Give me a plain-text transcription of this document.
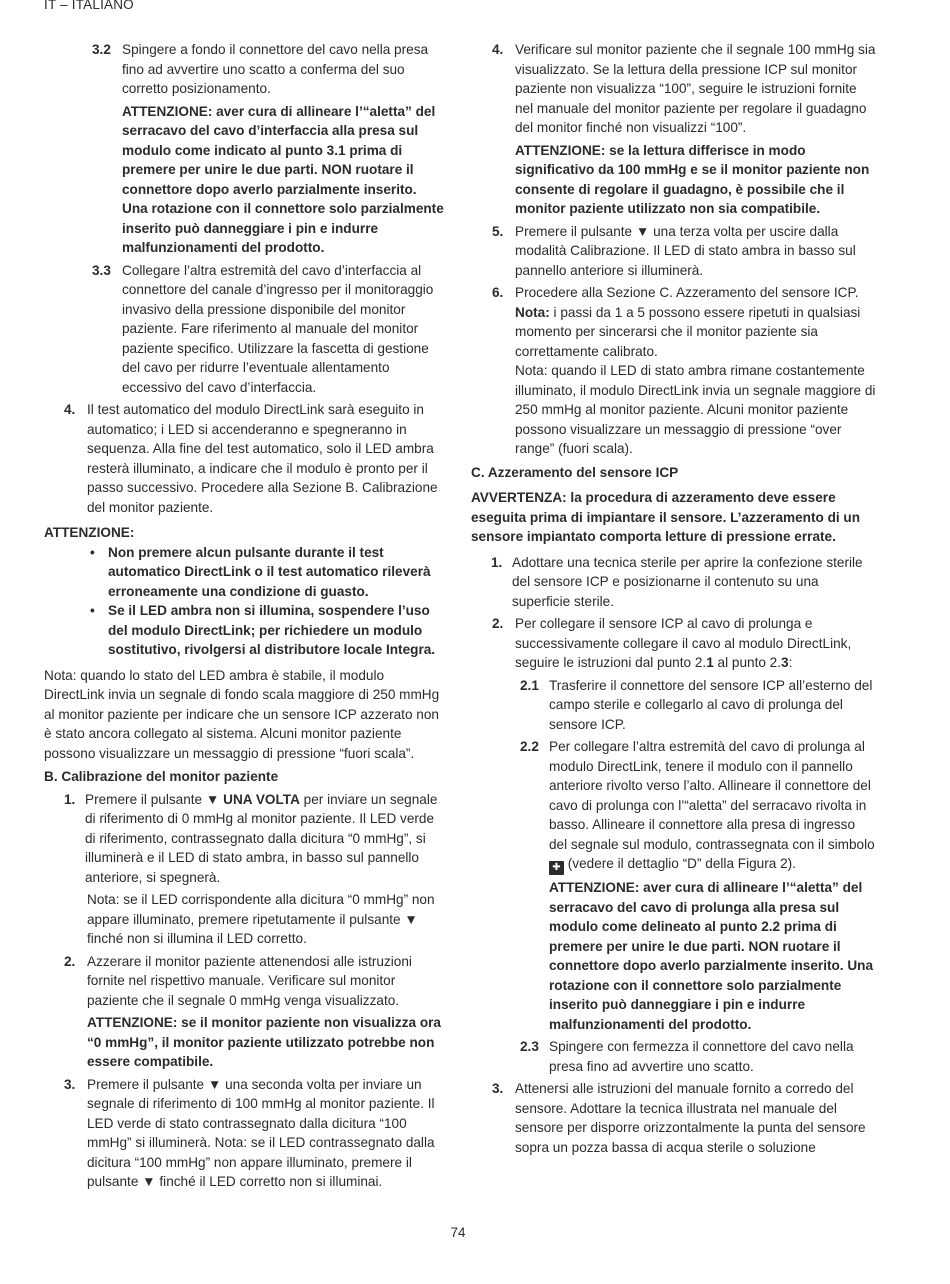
IT – ITALIANO
3.2 Spingere a fondo il connettore del cavo nella presa fino ad avvertire uno scatto a conferma del suo corretto posizionamento.

ATTENZIONE: aver cura di allineare l’“aletta” del serracavo del cavo d’interfaccia alla presa sul modulo come indicato al punto 3.1 prima di premere per unire le due parti. NON ruotare il connettore dopo averlo parzialmente inserito. Una rotazione con il connettore solo parzialmente inserito può danneggiare i pin e indurre malfunzionamenti del prodotto.

3.3 Collegare l’altra estremità del cavo d’interfaccia al connettore del canale d’ingresso per il monitoraggio invasivo della pressione disponibile del monitor paziente. Fare riferimento al manuale del monitor paziente specifico. Utilizzare la fascetta di gestione del cavo per ridurre l’eventuale allentamento eccessivo del cavo d’interfaccia.

4. Il test automatico del modulo DirectLink sarà eseguito in automatico; i LED si accenderanno e spegneranno in sequenza. Alla fine del test automatico, solo il LED ambra resterà illuminato, a indicare che il modulo è pronto per il passo successivo. Procedere alla Sezione B. Calibrazione del monitor paziente.

ATTENZIONE:

• Non premere alcun pulsante durante il test automatico DirectLink o il test automatico rileverà erroneamente una condizione di guasto.

• Se il LED ambra non si illumina, sospendere l’uso del modulo DirectLink; per richiedere un modulo sostitutivo, rivolgersi al distributore locale Integra.

Nota: quando lo stato del LED ambra è stabile, il modulo DirectLink invia un segnale di fondo scala maggiore di 250 mmHg al monitor paziente per indicare che un sensore ICP azzerato non è stato ancora collegato al sistema. Alcuni monitor paziente possono visualizzare un messaggio di pressione “fuori scala”.

B. Calibrazione del monitor paziente

1. Premere il pulsante ▼ UNA VOLTA per inviare un segnale di riferimento di 0 mmHg al monitor paziente. Il LED verde di riferimento, contrassegnato dalla dicitura “0 mmHg”, si illuminerà e il LED di stato ambra, in basso sul pannello anteriore, si spegnerà.

Nota: se il LED corrispondente alla dicitura “0 mmHg” non appare illuminato, premere ripetutamente il pulsante ▼ finché non si illumina il LED corretto.

2. Azzerare il monitor paziente attenendosi alle istruzioni fornite nel rispettivo manuale. Verificare sul monitor paziente che il segnale 0 mmHg venga visualizzato.

ATTENZIONE: se il monitor paziente non visualizza ora “0 mmHg”, il monitor paziente utilizzato potrebbe non essere compatibile.

3. Premere il pulsante ▼ una seconda volta per inviare un segnale di riferimento di 100 mmHg al monitor paziente. Il LED verde di stato contrassegnato dalla dicitura “100 mmHg” si illuminerà. Nota: se il LED contrassegnato dalla dicitura “100 mmHg” non appare illuminato, premere il pulsante ▼ finché il LED corretto non si illuminai.

4. Verificare sul monitor paziente che il segnale 100 mmHg sia visualizzato. Se la lettura della pressione ICP sul monitor paziente non visualizza “100”, seguire le istruzioni fornite nel manuale del monitor paziente per regolare il guadagno del monitor finché non visualizzi “100”.

ATTENZIONE: se la lettura differisce in modo significativo da 100 mmHg e se il monitor paziente non consente di regolare il guadagno, è possibile che il monitor paziente utilizzato non sia compatibile.

5. Premere il pulsante ▼ una terza volta per uscire dalla modalità Calibrazione. Il LED di stato ambra in basso sul pannello anteriore si illuminerà.

6. Procedere alla Sezione C. Azzeramento del sensore ICP.

Nota: i passi da 1 a 5 possono essere ripetuti in qualsiasi momento per sincerarsi che il monitor paziente sia correttamente calibrato.

Nota: quando il LED di stato ambra rimane costantemente illuminato, il modulo DirectLink invia un segnale maggiore di 250 mmHg al monitor paziente. Alcuni monitor paziente possono visualizzare un messaggio di pressione “over range” (fuori scala).

C. Azzeramento del sensore ICP

AVVERTENZA: la procedura di azzeramento deve essere eseguita prima di impiantare il sensore. L’azzeramento di un sensore impiantato comporta letture di pressione errate.

1. Adottare una tecnica sterile per aprire la confezione sterile del sensore ICP e posizionarne il contenuto su una superficie sterile.

2. Per collegare il sensore ICP al cavo di prolunga e successivamente collegare il cavo al modulo DirectLink, seguire le istruzioni dal punto 2.1 al punto 2.3:

2.1 Trasferire il connettore del sensore ICP all’esterno del campo sterile e collegarlo al cavo di prolunga del sensore ICP.

2.2 Per collegare l’altra estremità del cavo di prolunga al modulo DirectLink, tenere il modulo con il pannello anteriore rivolto verso l’alto. Allineare il connettore del cavo di prolunga con l’“aletta” del serracavo rivolta in basso. Allineare il connettore alla presa di ingresso del segnale sul modulo, contrassegnata con il simbolo ✚ (vedere il dettaglio “D” della Figura 2).

ATTENZIONE: aver cura di allineare l’“aletta” del serracavo del cavo di prolunga alla presa sul modulo come delineato al punto 2.2 prima di premere per unire le due parti. NON ruotare il connettore dopo averlo parzialmente inserito. Una rotazione con il connettore solo parzialmente inserito può danneggiare i pin e indurre malfunzionamenti del prodotto.

2.3 Spingere con fermezza il connettore del cavo nella presa fino ad avvertire uno scatto.

3. Attenersi alle istruzioni del manuale fornito a corredo del sensore. Adottare la tecnica illustrata nel manuale del sensore per disporre orizzontalmente la punta del sensore sopra un pozza bassa di acqua sterile o soluzione

74
